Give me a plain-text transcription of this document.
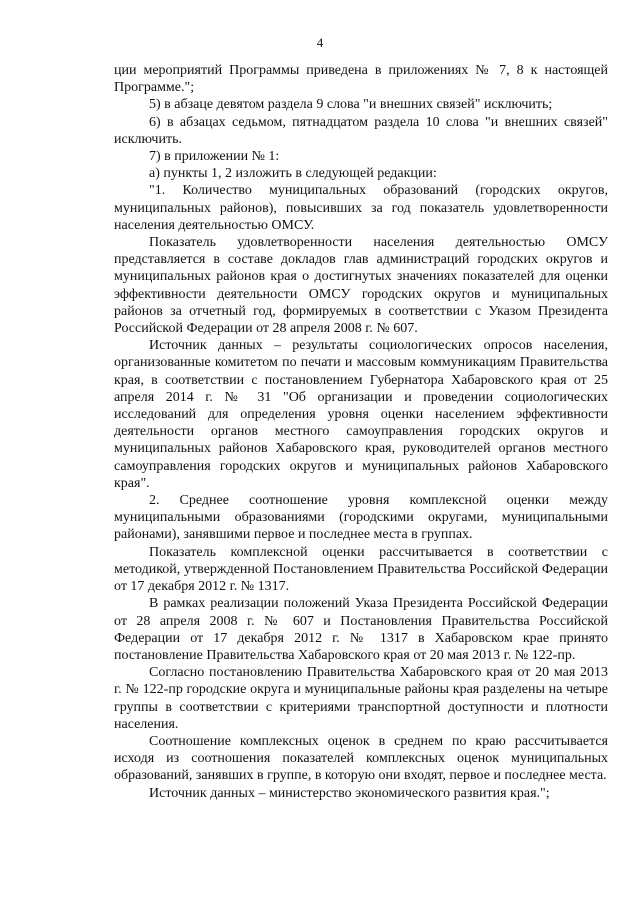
4

ции мероприятий Программы приведена в приложениях № 7, 8 к настоящей Программе.";

5) в абзаце девятом раздела 9 слова "и внешних связей" исключить;

6) в абзацах седьмом, пятнадцатом раздела 10 слова "и внешних связей" исключить.

7) в приложении № 1:

а) пункты 1, 2 изложить в следующей редакции:

"1. Количество муниципальных образований (городских округов, муниципальных районов), повысивших за год показатель удовлетворенности населения деятельностью ОМСУ.

Показатель удовлетворенности населения деятельностью ОМСУ представляется в составе докладов глав администраций городских округов и муниципальных районов края о достигнутых значениях показателей для оценки эффективности деятельности ОМСУ городских округов и муниципальных районов за отчетный год, формируемых в соответствии с Указом Президента Российской Федерации от 28 апреля 2008 г. № 607.

Источник данных – результаты социологических опросов населения, организованные комитетом по печати и массовым коммуникациям Правительства края, в соответствии с постановлением Губернатора Хабаровского края от 25 апреля 2014 г. № 31 "Об организации и проведении социологических исследований для определения уровня оценки населением эффективности деятельности органов местного самоуправления городских округов и муниципальных районов Хабаровского края, руководителей органов местного самоуправления городских округов и муниципальных районов Хабаровского края".

2. Среднее соотношение уровня комплексной оценки между муниципальными образованиями (городскими округами, муниципальными районами), занявшими первое и последнее места в группах.

Показатель комплексной оценки рассчитывается в соответствии с методикой, утвержденной Постановлением Правительства Российской Федерации от 17 декабря 2012 г. № 1317.

В рамках реализации положений Указа Президента Российской Федерации от 28 апреля 2008 г. № 607 и Постановления Правительства Российской Федерации от 17 декабря 2012 г. № 1317 в Хабаровском крае принято постановление Правительства Хабаровского края от 20 мая 2013 г. № 122-пр.

Согласно постановлению Правительства Хабаровского края от 20 мая 2013 г. № 122-пр городские округа и муниципальные районы края разделены на четыре группы в соответствии с критериями транспортной доступности и плотности населения.

Соотношение комплексных оценок в среднем по краю рассчитывается исходя из соотношения показателей комплексных оценок муниципальных образований, занявших в группе, в которую они входят, первое и последнее места.

Источник данных – министерство экономического развития края.";
